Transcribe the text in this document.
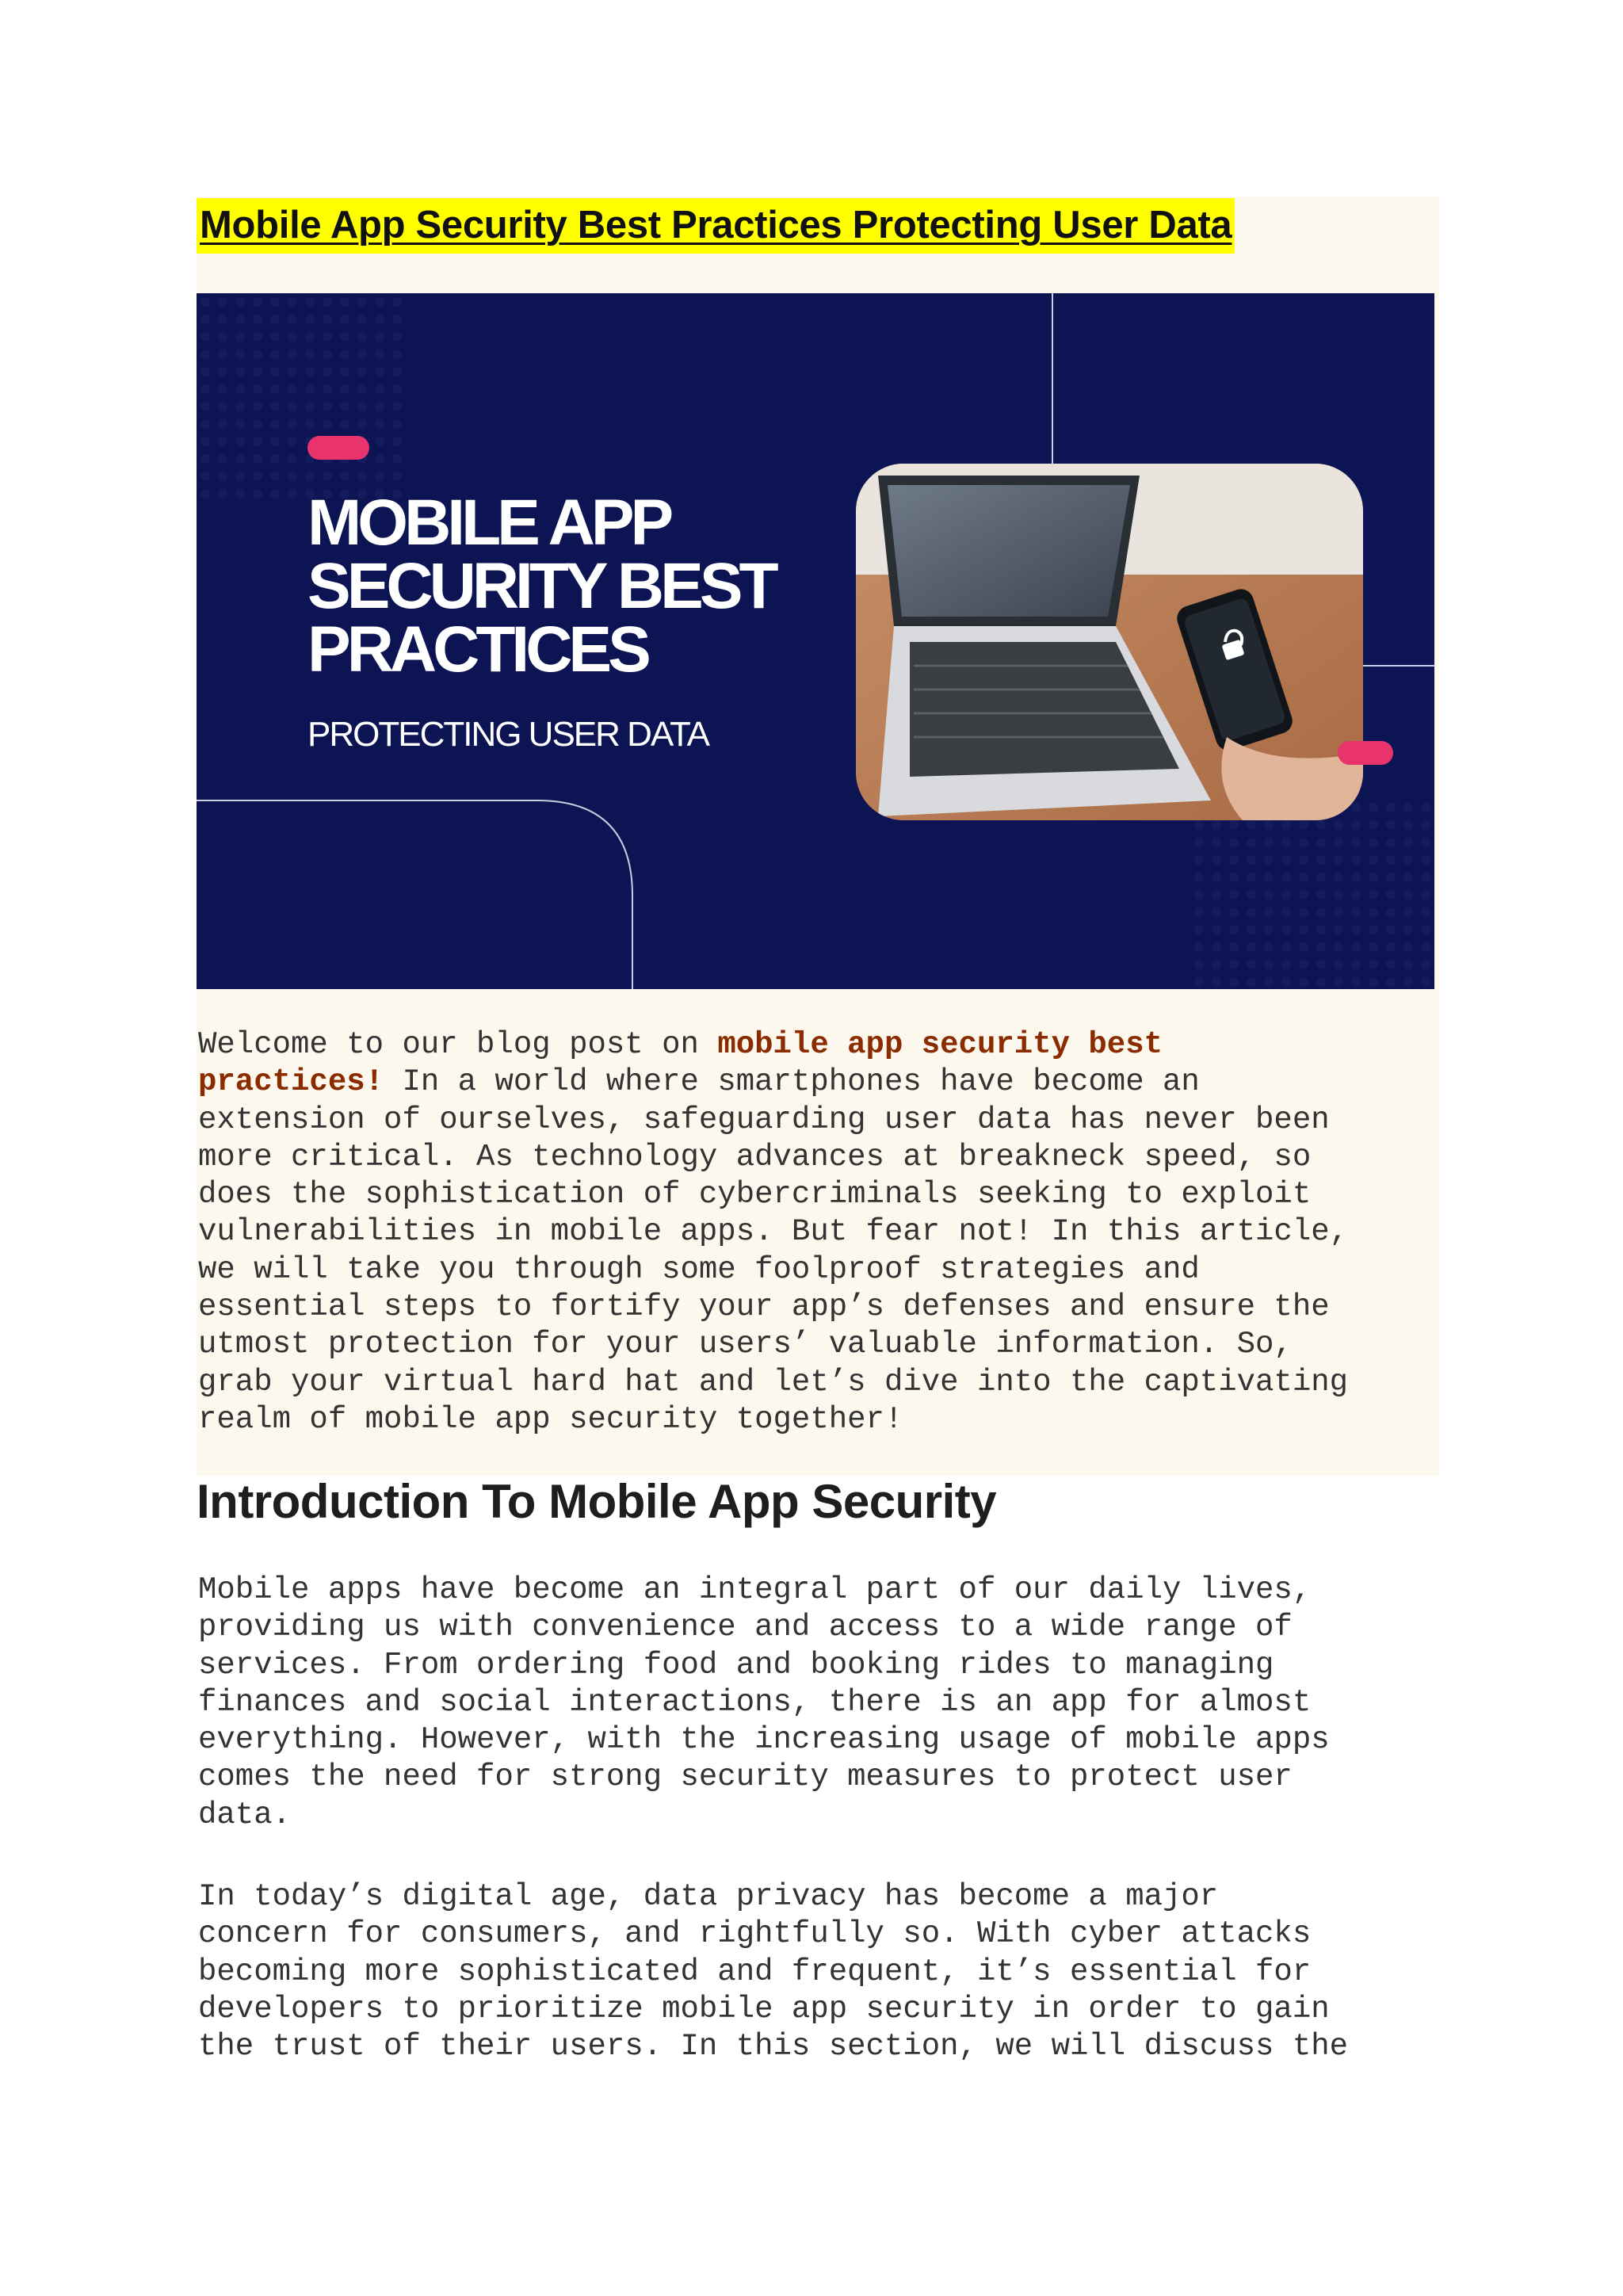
Mobile App Security Best Practices Protecting User Data
MOBILE APP
SECURITY BEST
PRACTICES

PROTECTING USER DATA

Welcome to our blog post on mobile app security best
practices! In a world where smartphones have become an
extension of ourselves, safeguarding user data has never been
more critical. As technology advances at breakneck speed, so
does the sophistication of cybercriminals seeking to exploit
vulnerabilities in mobile apps. But fear not! In this article,
we will take you through some foolproof strategies and
essential steps to fortify your app’s defenses and ensure the
utmost protection for your users’ valuable information. So,
grab your virtual hard hat and let’s dive into the captivating
realm of mobile app security together!

Introduction To Mobile App Security

Mobile apps have become an integral part of our daily lives,
providing us with convenience and access to a wide range of
services. From ordering food and booking rides to managing
finances and social interactions, there is an app for almost
everything. However, with the increasing usage of mobile apps
comes the need for strong security measures to protect user
data.

In today’s digital age, data privacy has become a major
concern for consumers, and rightfully so. With cyber attacks
becoming more sophisticated and frequent, it’s essential for
developers to prioritize mobile app security in order to gain
the trust of their users. In this section, we will discuss the
